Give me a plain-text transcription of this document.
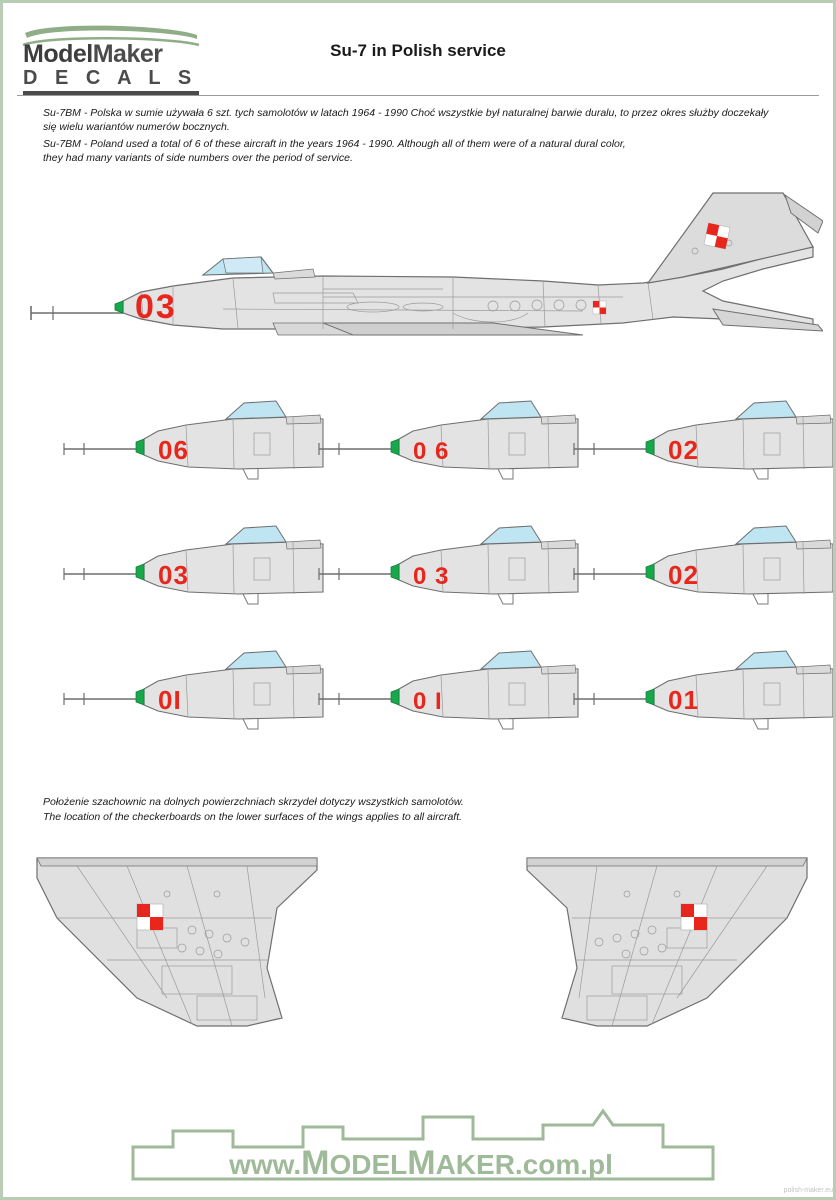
ModelMaker
D E C A L S
Su-7 in Polish service

Su-7BM - Polska w sumie używała 6 szt. tych samolotów w latach 1964 - 1990 Choć wszystkie był naturalnej barwie duralu, to przez okres służby doczekały

się wielu wariantów numerów bocznych.

Su-7BM - Poland used a total of 6 of these aircraft in the years 1964 - 1990. Although all of them were of a natural dural color,

they had many variants of side numbers over the period of service.

03
06	0 6	02
03	0 3	02
0I	0 I	01

Położenie szachownic na dolnych powierzchniach skrzydeł dotyczy wszystkich samolotów.

The location of the checkerboards on the lower surfaces of the wings applies to all aircraft.

www.MODELMAKER.com.pl
polish-maker.eu
